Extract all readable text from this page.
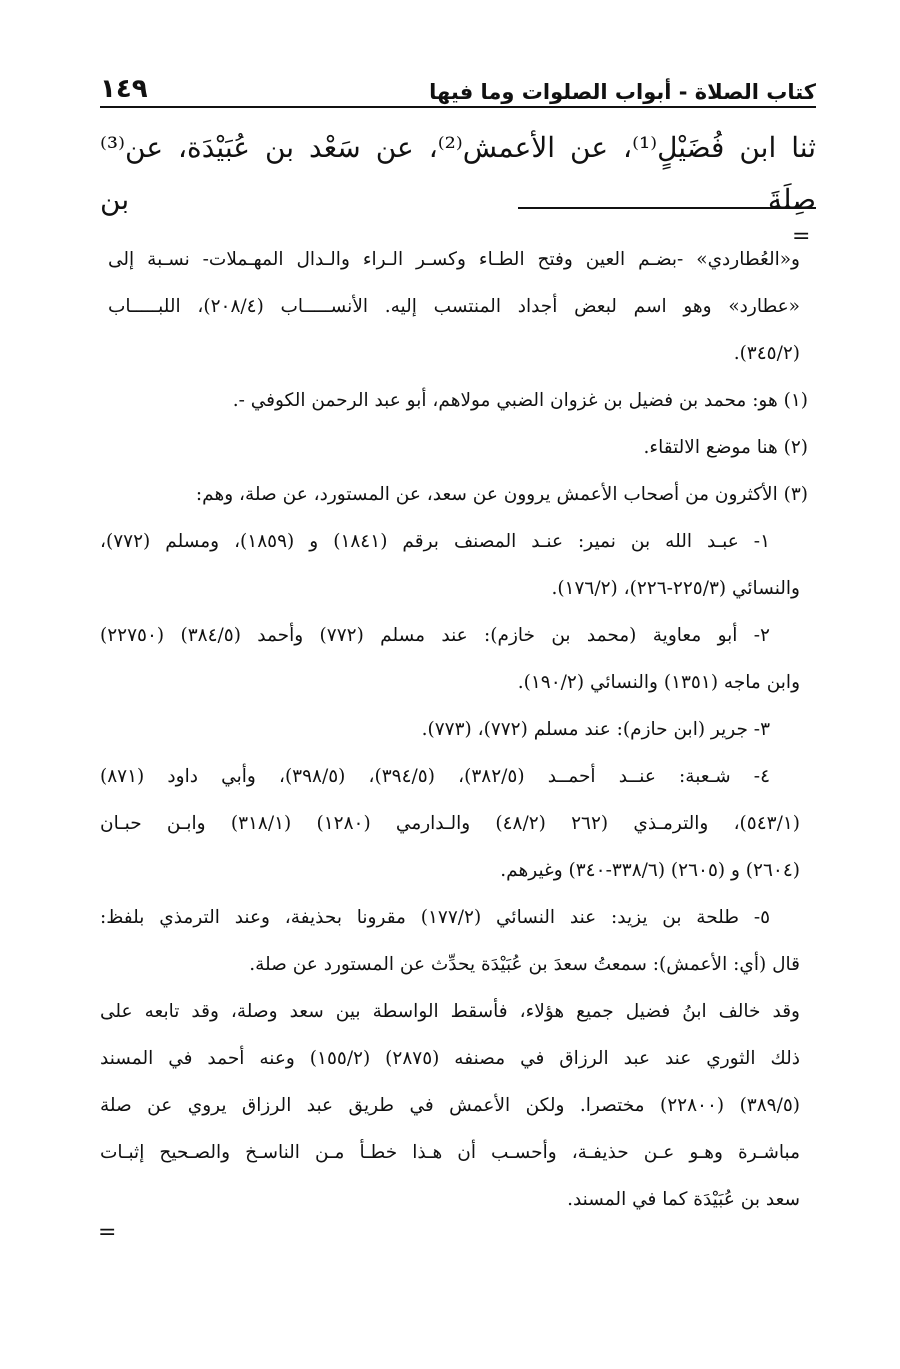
كتاب الصلاة - أبواب الصلوات وما فيها
١٤٩
ثنا ابن فُضَيْلٍ⁽¹⁾، عن الأعمش⁽²⁾، عن سَعْد بن عُبَيْدَة، عن⁽³⁾ صِلَةَ بن
=
و«العُطاردي» -بضـم العين وفتح الطـاء وكسـر الـراء والـدال المهـملات- نسـبة إلى
«عطارد» وهو اسم لبعض أجداد المنتسب إليه. الأنســـــاب (٢٠٨/٤)، اللبـــــاب
(٣٤٥/٢).
(١) هو: محمد بن فضيل بن غزوان الضبي مولاهم، أبو عبد الرحمن الكوفي -.
(٢) هنا موضع الالتقاء.
(٣) الأكثرون من أصحاب الأعمش يروون عن سعد، عن المستورد، عن صلة، وهم:
١- عبـد الله بن نمير: عنـد المصنف برقم (١٨٤١) و (١٨٥٩)، ومسلم (٧٧٢)،
والنسائي (٢٢٥/٣-٢٢٦)، (١٧٦/٢).
٢- أبو معاوية (محمد بن خازم): عند مسلم (٧٧٢) وأحمد (٣٨٤/٥) (٢٢٧٥٠)
وابن ماجه (١٣٥١) والنسائي (١٩٠/٢).
٣- جرير (ابن حازم): عند مسلم (٧٧٢)، (٧٧٣).
٤- شـعبة: عنــد أحمــد (٣٨٢/٥)، (٣٩٤/٥)، (٣٩٨/٥)، وأبي داود (٨٧١)
(٥٤٣/١)، والترمـذي (٢٦٢ (٤٨/٢) والـدارمي (١٢٨٠) (٣١٨/١) وابـن حبـان
(٢٦٠٤) و (٢٦٠٥) (٣٣٨/٦-٣٤٠) وغيرهم.
٥- طلحة بن يزيد: عند النسائي (١٧٧/٢) مقرونا بحذيفة، وعند الترمذي بلفظ:
قال (أي: الأعمش): سمعتُ سعدَ بن عُبَيْدَة يحدِّث عن المستورد عن صلة.
وقد خالف ابنُ فضيل جميع هؤلاء، فأسقط الواسطة بين سعد وصلة، وقد تابعه على
ذلك الثوري عند عبد الرزاق في مصنفه (٢٨٧٥) (١٥٥/٢) وعنه أحمد في المسند
(٣٨٩/٥) (٢٢٨٠٠) مختصرا. ولكن الأعمش في طريق عبد الرزاق يروي عن صلة
مباشـرة وهـو عـن حذيفـة، وأحسـب أن هـذا خطـأ مـن الناسـخ والصـحيح إثبـات
سعد بن عُبَيْدَة كما في المسند.
=
